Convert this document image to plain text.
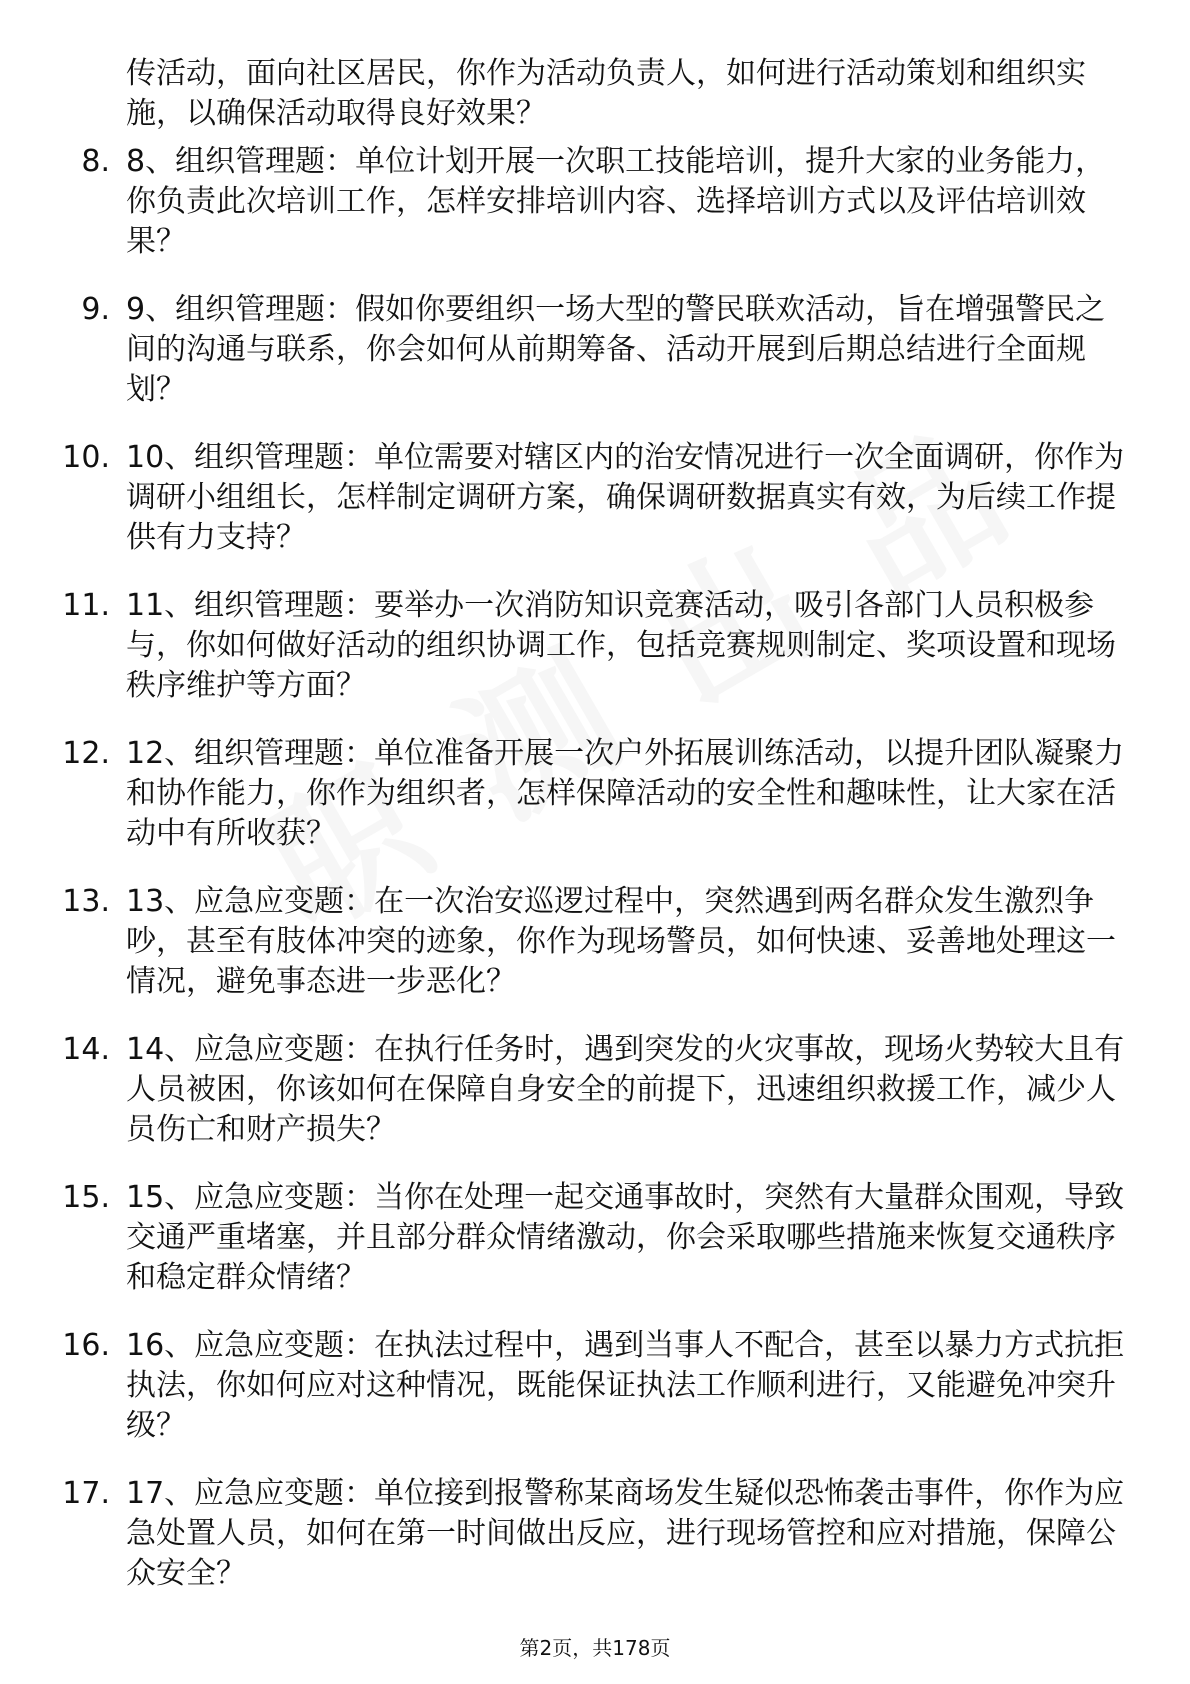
传活动，面向社区居民，你作为活动负责人，如何进行活动策划和组织实施，以确保活动取得良好效果？

8. 8、组织管理题：单位计划开展一次职工技能培训，提升大家的业务能力，你负责此次培训工作，怎样安排培训内容、选择培训方式以及评估培训效果？

9. 9、组织管理题：假如你要组织一场大型的警民联欢活动，旨在增强警民之间的沟通与联系，你会如何从前期筹备、活动开展到后期总结进行全面规划？

10. 10、组织管理题：单位需要对辖区内的治安情况进行一次全面调研，你作为调研小组组长，怎样制定调研方案，确保调研数据真实有效，为后续工作提供有力支持？

11. 11、组织管理题：要举办一次消防知识竞赛活动，吸引各部门人员积极参与，你如何做好活动的组织协调工作，包括竞赛规则制定、奖项设置和现场秩序维护等方面？

12. 12、组织管理题：单位准备开展一次户外拓展训练活动，以提升团队凝聚力和协作能力，你作为组织者，怎样保障活动的安全性和趣味性，让大家在活动中有所收获？

13. 13、应急应变题：在一次治安巡逻过程中，突然遇到两名群众发生激烈争吵，甚至有肢体冲突的迹象，你作为现场警员，如何快速、妥善地处理这一情况，避免事态进一步恶化？

14. 14、应急应变题：在执行任务时，遇到突发的火灾事故，现场火势较大且有人员被困，你该如何在保障自身安全的前提下，迅速组织救援工作，减少人员伤亡和财产损失？

15. 15、应急应变题：当你在处理一起交通事故时，突然有大量群众围观，导致交通严重堵塞，并且部分群众情绪激动，你会采取哪些措施来恢复交通秩序和稳定群众情绪？

16. 16、应急应变题：在执法过程中，遇到当事人不配合，甚至以暴力方式抗拒执法，你如何应对这种情况，既能保证执法工作顺利进行，又能避免冲突升级？

17. 17、应急应变题：单位接到报警称某商场发生疑似恐怖袭击事件，你作为应急处置人员，如何在第一时间做出反应，进行现场管控和应对措施，保障公众安全？

第2页，共178页
